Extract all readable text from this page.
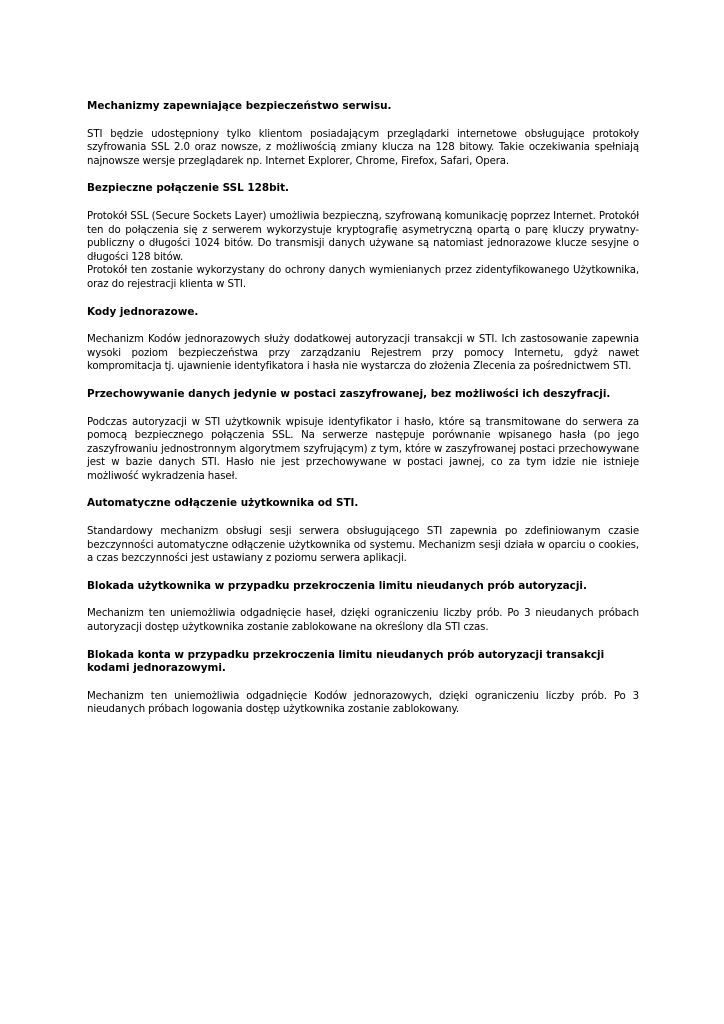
Mechanizmy zapewniające bezpieczeństwo serwisu.

STI będzie udostępniony tylko klientom posiadającym przeglądarki internetowe obsługujące protokoły szyfrowania SSL 2.0 oraz nowsze, z możliwością zmiany klucza na 128 bitowy. Takie oczekiwania spełniają najnowsze wersje przeglądarek np. Internet Explorer, Chrome, Firefox, Safari, Opera.

Bezpieczne połączenie SSL 128bit.

Protokół SSL (Secure Sockets Layer) umożliwia bezpieczną, szyfrowaną komunikację poprzez Internet. Protokół ten do połączenia się z serwerem wykorzystuje kryptografię asymetryczną opartą o parę kluczy prywatny-publiczny o długości 1024 bitów. Do transmisji danych używane są natomiast jednorazowe klucze sesyjne o długości 128 bitów.

Protokół ten zostanie wykorzystany do ochrony danych wymienianych przez zidentyfikowanego Użytkownika, oraz do rejestracji klienta w STI.

Kody jednorazowe.

Mechanizm Kodów jednorazowych służy dodatkowej autoryzacji transakcji w STI. Ich zastosowanie zapewnia wysoki poziom bezpieczeństwa przy zarządzaniu Rejestrem przy pomocy Internetu, gdyż nawet kompromitacja tj. ujawnienie identyfikatora i hasła nie wystarcza do złożenia Zlecenia za pośrednictwem STI.

Przechowywanie danych jedynie w postaci zaszyfrowanej, bez możliwości ich deszyfracji.

Podczas autoryzacji w STI użytkownik wpisuje identyfikator i hasło, które są transmitowane do serwera za pomocą bezpiecznego połączenia SSL. Na serwerze następuje porównanie wpisanego hasła (po jego zaszyfrowaniu jednostronnym algorytmem szyfrującym) z tym, które w zaszyfrowanej postaci przechowywane jest w bazie danych STI. Hasło nie jest przechowywane w postaci jawnej, co za tym idzie nie istnieje możliwość wykradzenia haseł.

Automatyczne odłączenie użytkownika od STI.

Standardowy mechanizm obsługi sesji serwera obsługującego STI zapewnia po zdefiniowanym czasie bezczynności automatyczne odłączenie użytkownika od systemu. Mechanizm sesji działa w oparciu o cookies, a czas bezczynności jest ustawiany z poziomu serwera aplikacji.

Blokada użytkownika w przypadku przekroczenia limitu nieudanych prób autoryzacji.

Mechanizm ten uniemożliwia odgadnięcie haseł, dzięki ograniczeniu liczby prób. Po 3 nieudanych próbach autoryzacji dostęp użytkownika zostanie zablokowane na określony dla STI czas.

Blokada konta w przypadku przekroczenia limitu nieudanych prób autoryzacji transakcji kodami jednorazowymi.

Mechanizm ten uniemożliwia odgadnięcie Kodów jednorazowych, dzięki ograniczeniu liczby prób. Po 3 nieudanych próbach logowania dostęp użytkownika zostanie zablokowany.
